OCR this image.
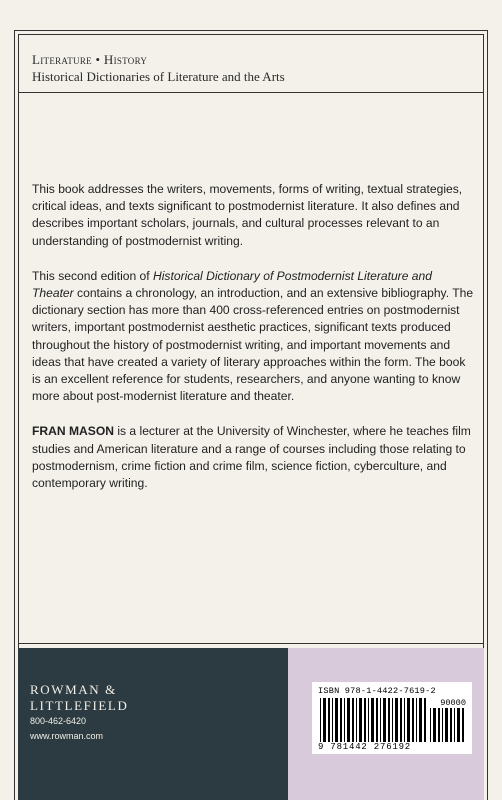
Literature • History
Historical Dictionaries of Literature and the Arts

This book addresses the writers, movements, forms of writing, textual strategies, critical ideas, and texts significant to postmodernist literature. It also defines and describes important scholars, journals, and cultural processes relevant to an understanding of postmodernist writing.

This second edition of Historical Dictionary of Postmodernist Literature and Theater contains a chronology, an introduction, and an extensive bibliography. The dictionary section has more than 400 cross-referenced entries on postmodernist writers, important postmodernist aesthetic practices, significant texts produced throughout the history of postmodernist writing, and important movements and ideas that have created a variety of literary approaches within the form. The book is an excellent reference for students, researchers, and anyone wanting to know more about post-modernist literature and theater.

FRAN MASON is a lecturer at the University of Winchester, where he teaches film studies and American literature and a range of courses including those relating to postmodernism, crime fiction and crime film, science fiction, cyberculture, and contemporary writing.

ROWMAN &
LITTLEFIELD
800-462-6420
www.rowman.com
ISBN 978-1-4422-7619-2
90000
9 781442 276192
